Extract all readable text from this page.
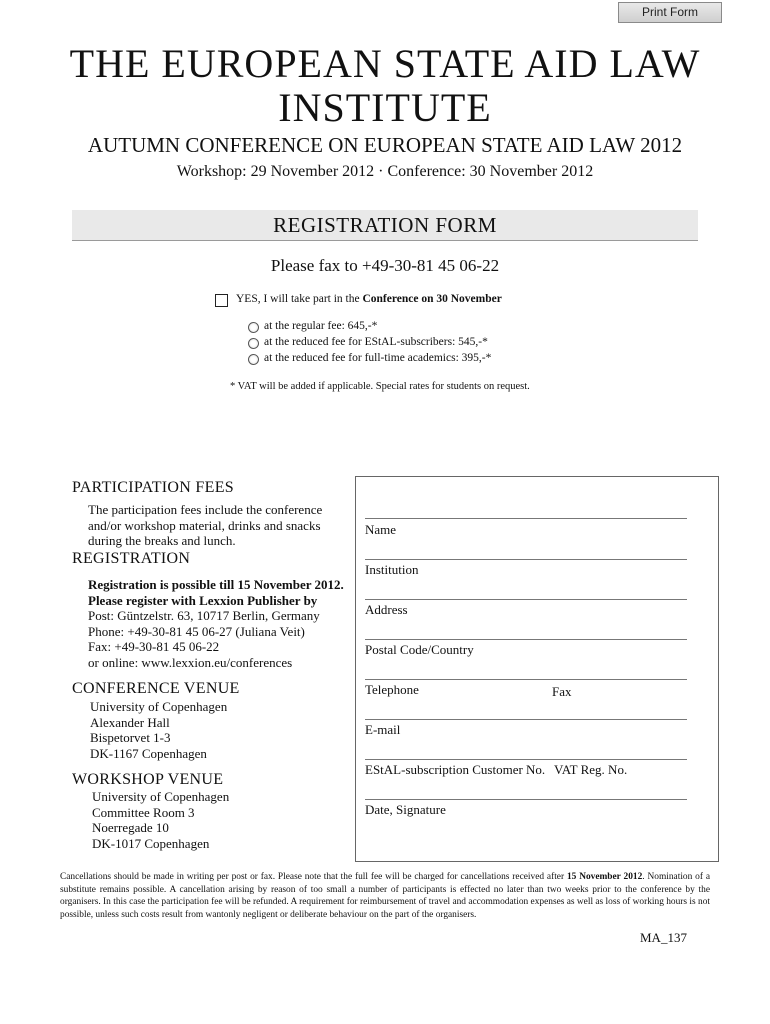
Print Form
THE EUROPEAN STATE AID LAW
INSTITUTE
AUTUMN CONFERENCE ON EUROPEAN STATE AID LAW 2012
Workshop: 29 November 2012 · Conference: 30 November 2012
REGISTRATION FORM
Please fax to +49-30-81 45 06-22
YES, I will take part in the Conference on 30 November
at the regular fee: 645,-*
at the reduced fee for EStAL-subscribers: 545,-*
at the reduced fee for full-time academics: 395,-*
* VAT will be added if applicable. Special rates for students on request.
PARTICIPATION FEES
The participation fees include the conference
and/or workshop material, drinks and snacks
during the breaks and lunch.
REGISTRATION
Registration is possible till 15 November 2012.
Please register with Lexxion Publisher by
Post: Güntzelstr. 63, 10717 Berlin, Germany
Phone: +49-30-81 45 06-27 (Juliana Veit)
Fax: +49-30-81 45 06-22
or online: www.lexxion.eu/conferences
CONFERENCE VENUE
University of Copenhagen
Alexander Hall
Bispetorvet 1-3
DK-1167 Copenhagen
WORKSHOP VENUE
University of Copenhagen
Committee Room 3
Noerregade 10
DK-1017 Copenhagen
Name
Institution
Address
Postal Code/Country
Telephone	Fax
E-mail
EStAL-subscription Customer No. VAT Reg. No.
Date, Signature
Cancellations should be made in writing per post or fax. Please note that the full fee will be charged for cancellations received after 15 November 2012. Nomination of a substitute remains possible. A cancellation arising by reason of too small a number of participants is effected no later than two weeks prior to the conference by the organisers. In this case the participation fee will be refunded. A requirement for reimbursement of travel and accommodation expenses as well as loss of working hours is not possible, unless such costs result from wantonly negligent or deliberate behaviour on the part of the organisers.
MA_137
